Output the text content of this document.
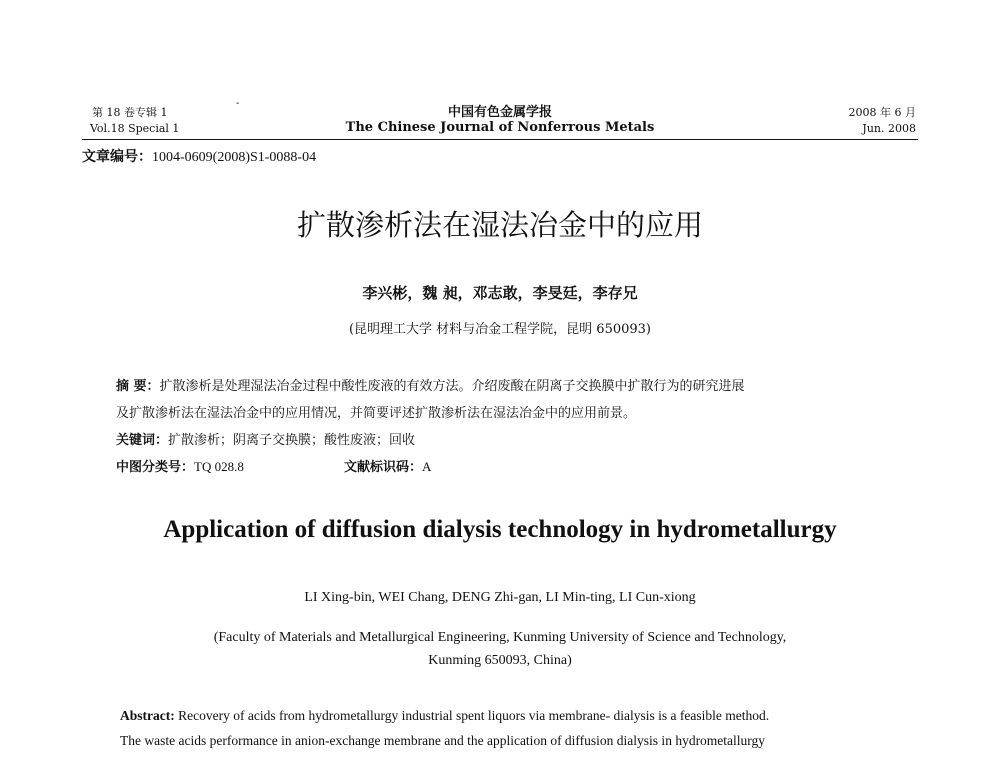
第 18 卷专辑 1
Vol.18 Special 1
-
中国有色金属学报
The Chinese Journal of Nonferrous Metals
2008 年 6 月
Jun. 2008
文章编号：1004-0609(2008)S1-0088-04
扩散渗析法在湿法冶金中的应用
李兴彬，魏 昶，邓志敢，李旻廷，李存兄
(昆明理工大学 材料与冶金工程学院，昆明 650093)
摘 要：扩散渗析是处理湿法冶金过程中酸性废液的有效方法。介绍废酸在阴离子交换膜中扩散行为的研究进展
及扩散渗析法在湿法冶金中的应用情况，并简要评述扩散渗析法在湿法冶金中的应用前景。
关键词：扩散渗析；阴离子交换膜；酸性废液；回收
中图分类号：TQ 028.8	文献标识码：A
Application of diffusion dialysis technology in hydrometallurgy
LI Xing-bin, WEI Chang, DENG Zhi-gan, LI Min-ting, LI Cun-xiong
(Faculty of Materials and Metallurgical Engineering, Kunming University of Science and Technology,
Kunming 650093, China)
Abstract: Recovery of acids from hydrometallurgy industrial spent liquors via membrane- dialysis is a feasible method.
The waste acids performance in anion-exchange membrane and the application of diffusion dialysis in hydrometallurgy
